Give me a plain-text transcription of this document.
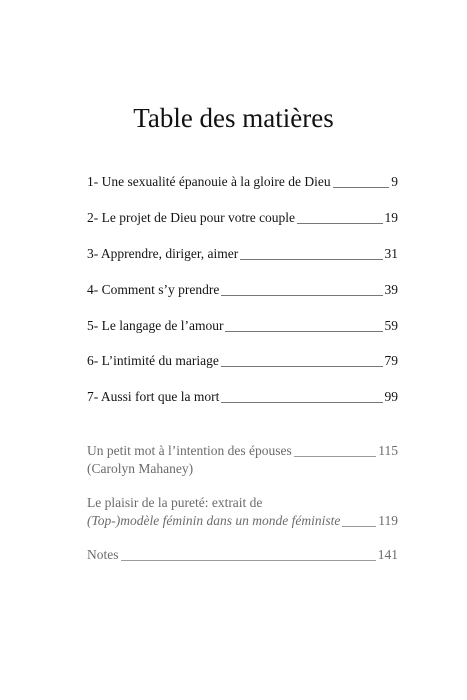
Table des matières
1- Une sexualité épanouie à la gloire de Dieu	9
2- Le projet de Dieu pour votre couple	19
3- Apprendre, diriger, aimer	31
4- Comment s’y prendre	39
5- Le langage de l’amour	59
6- L’intimité du mariage	79
7- Aussi fort que la mort	99
Un petit mot à l’intention des épouses	115
(Carolyn Mahaney)
Le plaisir de la pureté: extrait de
(Top-)modèle féminin dans un monde féministe	119
Notes	141
